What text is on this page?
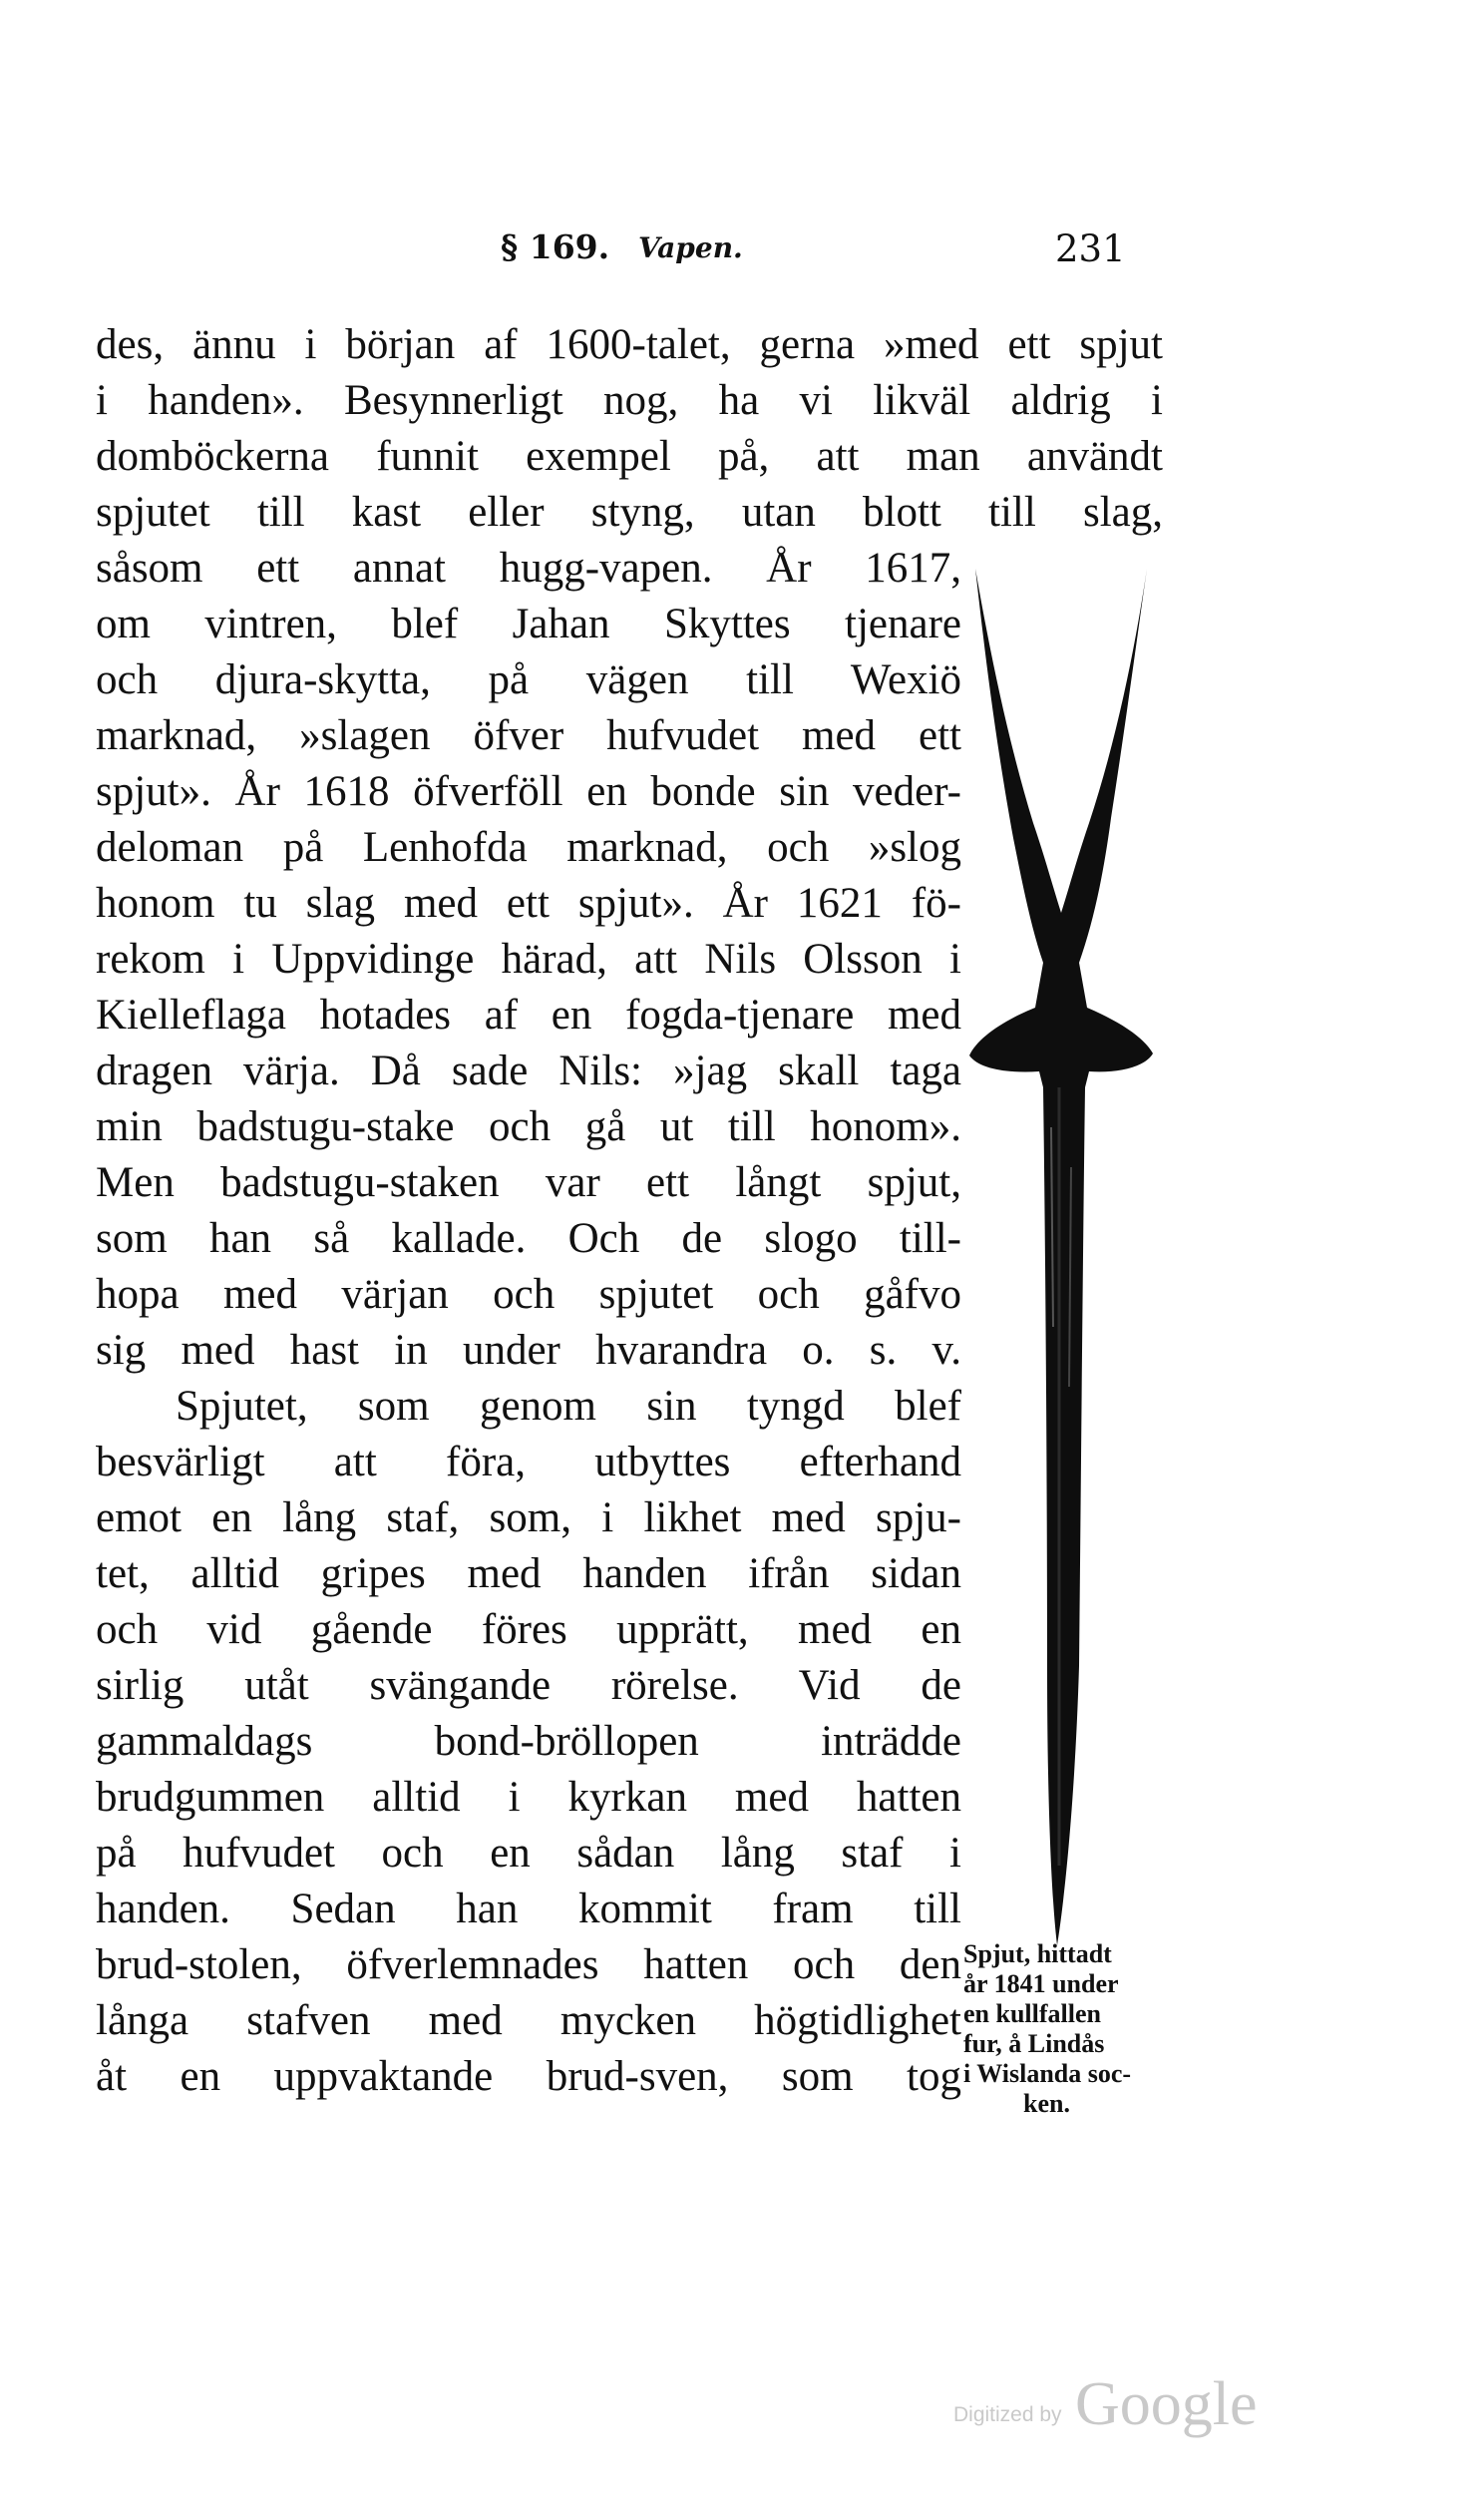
§ 169. Vapen.	231
des, ännu i början af 1600-talet, gerna »med ett spjut
i handen». Besynnerligt nog, ha vi likväl aldrig i
domböckerna funnit exempel på, att man användt
spjutet till kast eller styng, utan blott till slag,
såsom ett annat hugg-vapen. År 1617,
om vintren, blef Jahan Skyttes tjenare
och djura-skytta, på vägen till Wexiö
marknad, »slagen öfver hufvudet med ett
spjut». År 1618 öfverföll en bonde sin veder-
deloman på Lenhofda marknad, och »slog
honom tu slag med ett spjut». År 1621 fö-
rekom i Uppvidinge härad, att Nils Olsson i
Kielleflaga hotades af en fogda-tjenare med
dragen värja. Då sade Nils: »jag skall taga
min badstugu-stake och gå ut till honom».
Men badstugu-staken var ett långt spjut,
som han så kallade. Och de slogo till-
hopa med värjan och spjutet och gåfvo
sig med hast in under hvarandra o. s. v.
Spjutet, som genom sin tyngd blef
besvärligt att föra, utbyttes efterhand
emot en lång staf, som, i likhet med spju-
tet, alltid gripes med handen ifrån sidan
och vid gående föres upprätt, med en
sirlig utåt svängande rörelse. Vid de
gammaldags bond-bröllopen inträdde
brudgummen alltid i kyrkan med hatten
på hufvudet och en sådan lång staf i
handen. Sedan han kommit fram till
brud-stolen, öfverlemnades hatten och den
långa stafven med mycken högtidlighet
åt en uppvaktande brud-sven, som tog
Spjut, hittadt
år 1841 under
en kullfallen
fur, å Lindås
i Wislanda soc-
ken.
Digitized by Google
